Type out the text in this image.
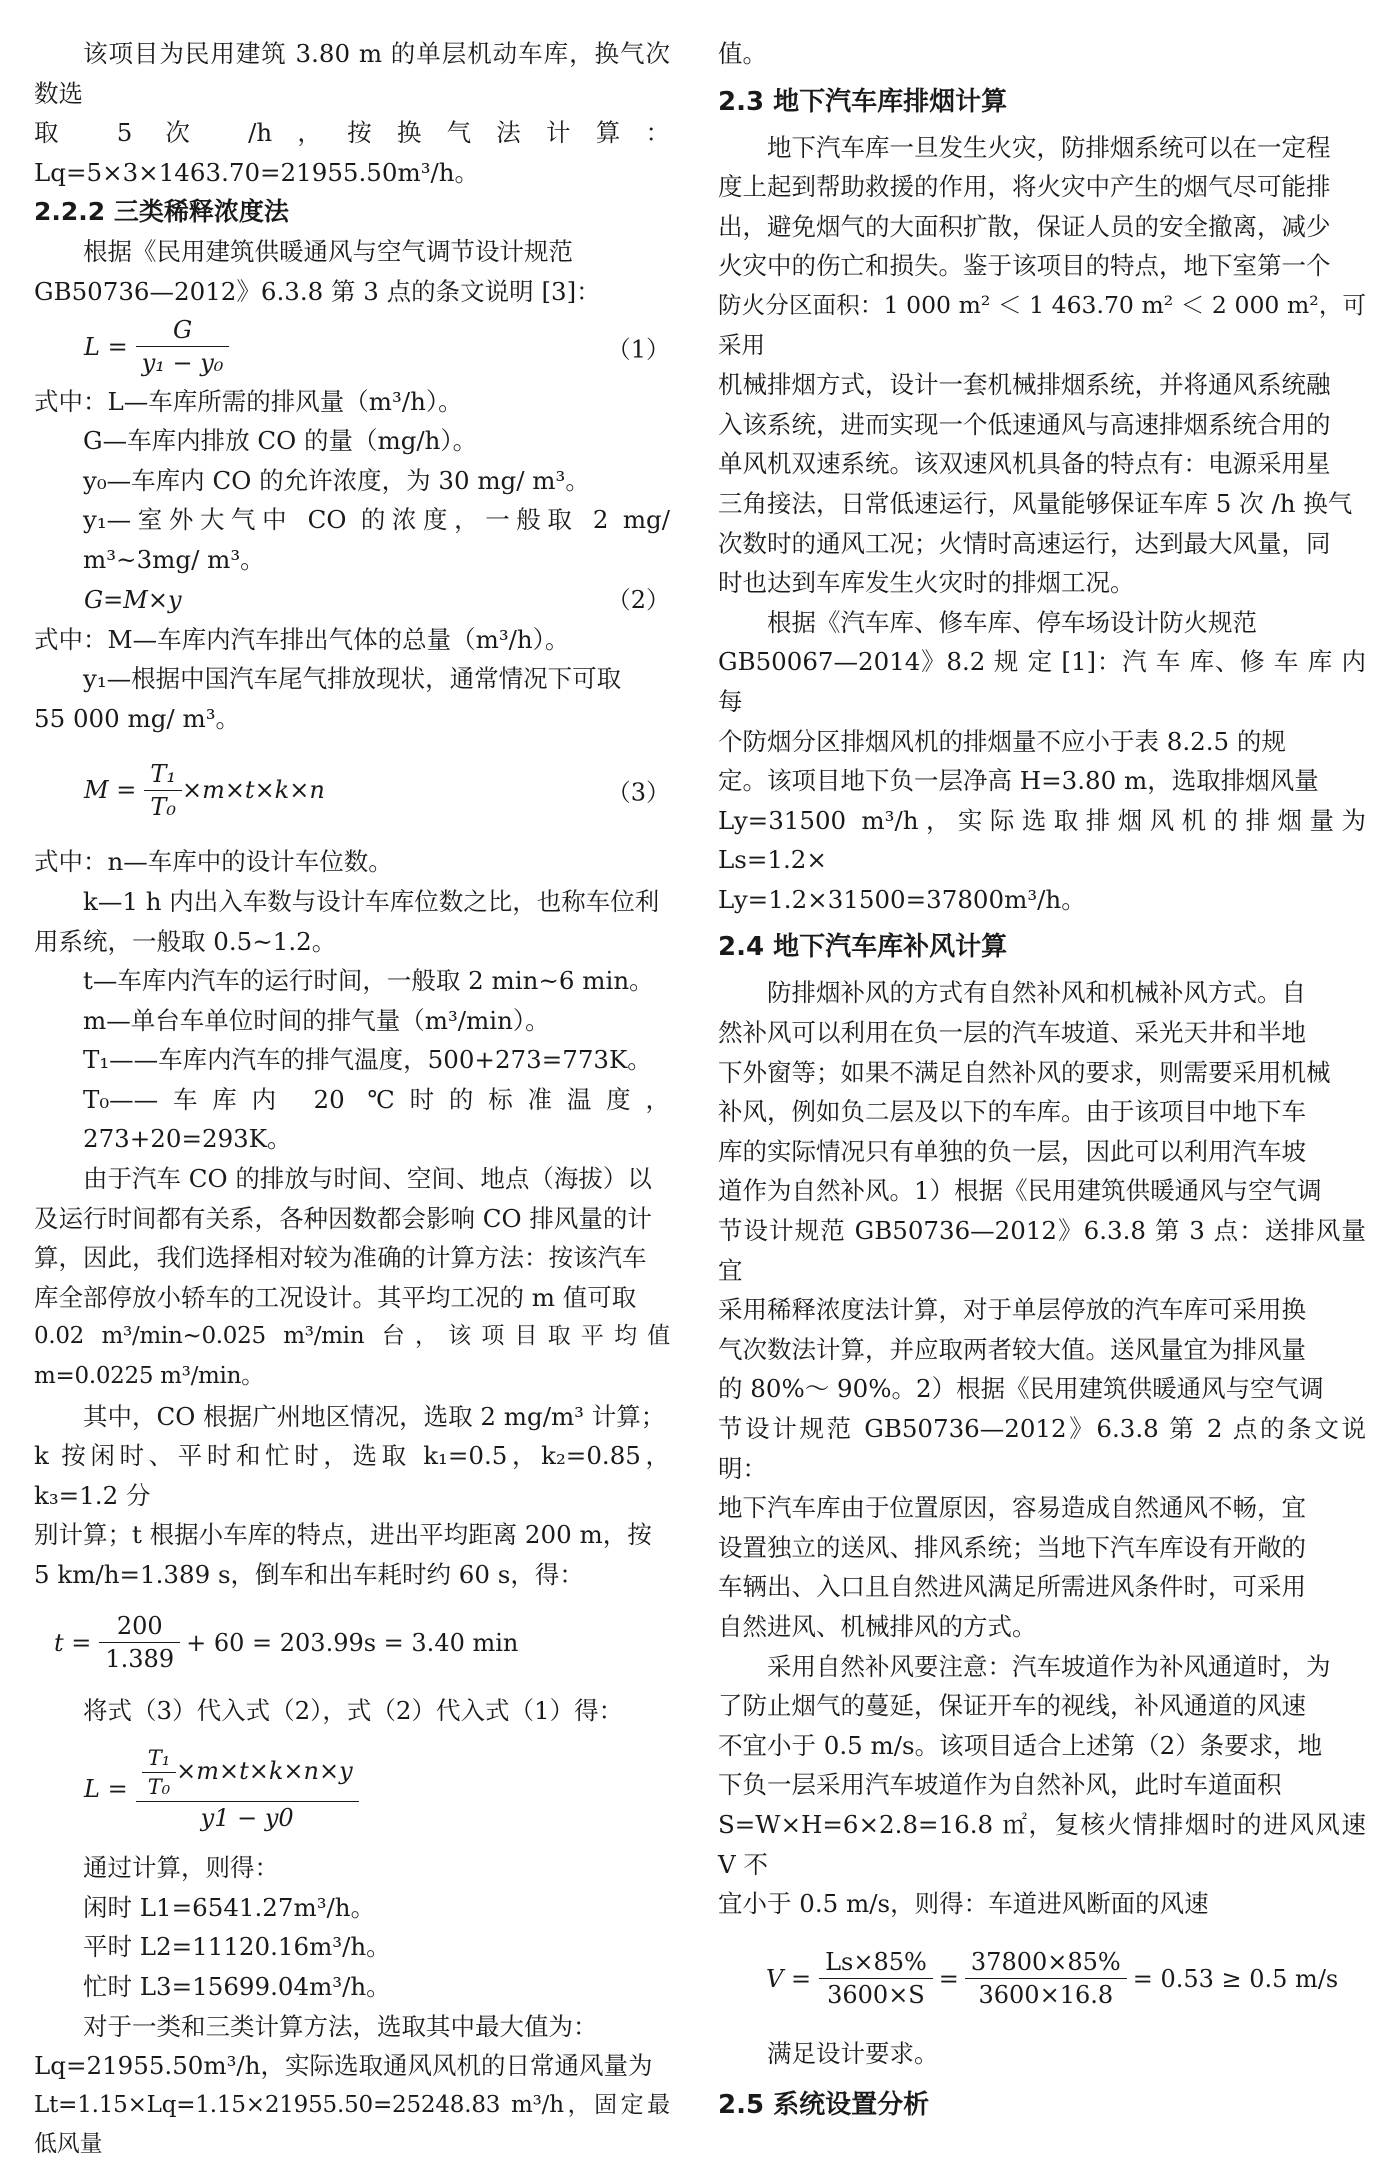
该项目为民用建筑 3.80 m 的单层机动车库，换气次数选

取 5 次 /h，按换气法计算：Lq=5×3×1463.70=21955.50m³/h。

2.2.2 三类稀释浓度法

根据《民用建筑供暖通风与空气调节设计规范

GB50736—2012》6.3.8 第 3 点的条文说明 [3]：

$L = \frac{G}{\text{y₁ − y₀}}$	（1）

式中：L—车库所需的排风量（m³/h）。

G—车库内排放 CO 的量（mg/h）。

y₀—车库内 CO 的允许浓度，为 30 mg/ m³。

y₁—室外大气中 CO 的浓度，一般取 2 mg/ m³~3mg/ m³。

G=M×y	（2）

式中：M—车库内汽车排出气体的总量（m³/h）。

y₁—根据中国汽车尾气排放现状，通常情况下可取

55 000 mg/ m³。

$M = \frac{\text{T₁}}{\text{T₀}} \times m\times t\times k\times n$	（3）

式中：n—车库中的设计车位数。

k—1 h 内出入车数与设计车库位数之比，也称车位利

用系统，一般取 0.5~1.2。

t—车库内汽车的运行时间，一般取 2 min~6 min。

m—单台车单位时间的排气量（m³/min）。

T₁——车库内汽车的排气温度，500+273=773K。

T₀——车库内 20 ℃时的标准温度，273+20=293K。

由于汽车 CO 的排放与时间、空间、地点（海拔）以

及运行时间都有关系，各种因数都会影响 CO 排风量的计

算，因此，我们选择相对较为准确的计算方法：按该汽车

库全部停放小轿车的工况设计。其平均工况的 m 值可取

0.02 m³/min~0.025 m³/min 台，该项目取平均值 m=0.0225 m³/min。

其中，CO 根据广州地区情况，选取 2 mg/m³ 计算；

k 按闲时、平时和忙时，选取 k₁=0.5，k₂=0.85，k₃=1.2 分

别计算；t 根据小车库的特点，进出平均距离 200 m，按

5 km/h=1.389 s，倒车和出车耗时约 60 s，得：

$t = \frac{200}{1.389} + 60 = 203.99s = 3.40$ min

将式（3）代入式（2），式（2）代入式（1）得：

$L = \frac{\frac{\text{T₁}}{\text{T₀}} \times m\times t\times k\times n\times y}{y1 - y0}$

通过计算，则得：

闲时 L1=6541.27m³/h。

平时 L2=11120.16m³/h。

忙时 L3=15699.04m³/h。

对于一类和三类计算方法，选取其中最大值为：

Lq=21955.50m³/h，实际选取通风风机的日常通风量为

Lt=1.15×Lq=1.15×21955.50=25248.83 m³/h，固定最低风量

值。

2.3 地下汽车库排烟计算

地下汽车库一旦发生火灾，防排烟系统可以在一定程

度上起到帮助救援的作用，将火灾中产生的烟气尽可能排

出，避免烟气的大面积扩散，保证人员的安全撤离，减少

火灾中的伤亡和损失。鉴于该项目的特点，地下室第一个

防火分区面积：1 000 m² ＜ 1 463.70 m² ＜ 2 000 m²，可采用

机械排烟方式，设计一套机械排烟系统，并将通风系统融

入该系统，进而实现一个低速通风与高速排烟系统合用的

单风机双速系统。该双速风机具备的特点有：电源采用星

三角接法，日常低速运行，风量能够保证车库 5 次 /h 换气

次数时的通风工况；火情时高速运行，达到最大风量，同

时也达到车库发生火灾时的排烟工况。

根据《汽车库、修车库、停车场设计防火规范

GB50067—2014》8.2 规 定 [1]：汽 车 库、修 车 库 内 每

个防烟分区排烟风机的排烟量不应小于表 8.2.5 的规

定。该项目地下负一层净高 H=3.80 m，选取排烟风量

Ly=31500 m³/h，实际选取排烟风机的排烟量为 Ls=1.2×

Ly=1.2×31500=37800m³/h。

2.4 地下汽车库补风计算

防排烟补风的方式有自然补风和机械补风方式。自

然补风可以利用在负一层的汽车坡道、采光天井和半地

下外窗等；如果不满足自然补风的要求，则需要采用机械

补风，例如负二层及以下的车库。由于该项目中地下车

库的实际情况只有单独的负一层，因此可以利用汽车坡

道作为自然补风。1）根据《民用建筑供暖通风与空气调

节设计规范 GB50736—2012》6.3.8 第 3 点：送排风量宜

采用稀释浓度法计算，对于单层停放的汽车库可采用换

气次数法计算，并应取两者较大值。送风量宜为排风量

的 80%～ 90%。2）根据《民用建筑供暖通风与空气调

节设计规范 GB50736—2012》6.3.8 第 2 点的条文说明：

地下汽车库由于位置原因，容易造成自然通风不畅，宜

设置独立的送风、排风系统；当地下汽车库设有开敞的

车辆出、入口且自然进风满足所需进风条件时，可采用

自然进风、机械排风的方式。

采用自然补风要注意：汽车坡道作为补风通道时，为

了防止烟气的蔓延，保证开车的视线，补风通道的风速

不宜小于 0.5 m/s。该项目适合上述第（2）条要求，地

下负一层采用汽车坡道作为自然补风，此时车道面积

S=W×H=6×2.8=16.8 ㎡，复核火情排烟时的进风风速 V 不

宜小于 0.5 m/s，则得：车道进风断面的风速

$V = \frac{Ls\times 85\%}{3600\times S} = \frac{37800\times 85\%}{3600\times 16.8} = 0.53 \ge 0.5$ m/s

满足设计要求。

2.5 系统设置分析
